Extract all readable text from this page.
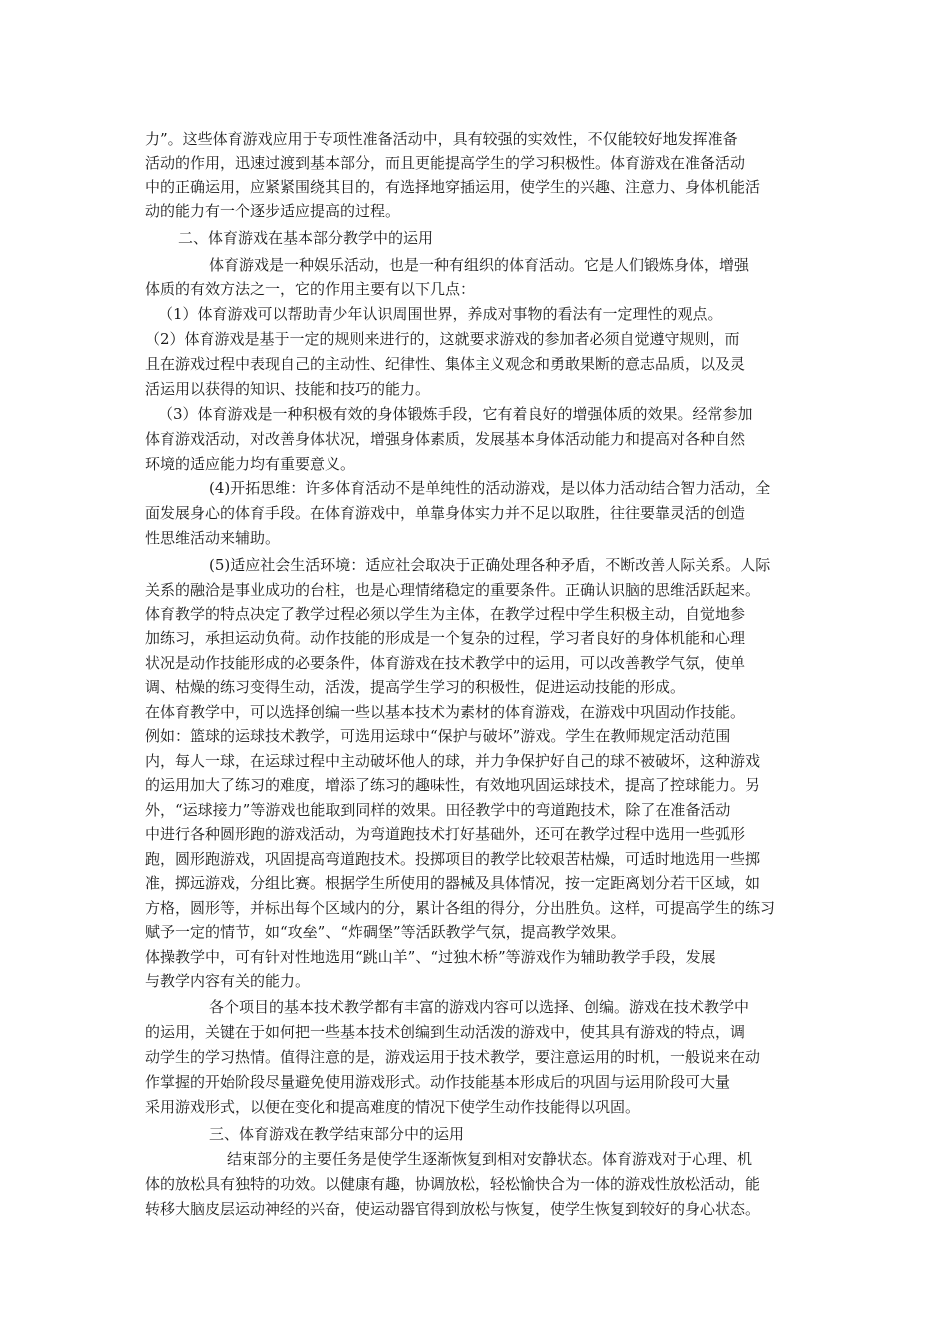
力”。这些体育游戏应用于专项性准备活动中，具有较强的实效性，不仅能较好地发挥准备
活动的作用，迅速过渡到基本部分，而且更能提高学生的学习积极性。体育游戏在准备活动
中的正确运用，应紧紧围绕其目的，有选择地穿插运用，使学生的兴趣、注意力、身体机能活
动的能力有一个逐步适应提高的过程。
二、体育游戏在基本部分教学中的运用
体育游戏是一种娱乐活动，也是一种有组织的体育活动。它是人们锻炼身体，增强
体质的有效方法之一，它的作用主要有以下几点：
（1）体育游戏可以帮助青少年认识周围世界，养成对事物的看法有一定理性的观点。
（2）体育游戏是基于一定的规则来进行的，这就要求游戏的参加者必须自觉遵守规则，而
且在游戏过程中表现自己的主动性、纪律性、集体主义观念和勇敢果断的意志品质，以及灵
活运用以获得的知识、技能和技巧的能力。
（3）体育游戏是一种积极有效的身体锻炼手段，它有着良好的增强体质的效果。经常参加
体育游戏活动，对改善身体状况，增强身体素质，发展基本身体活动能力和提高对各种自然
环境的适应能力均有重要意义。
(4)开拓思维：许多体育活动不是单纯性的活动游戏，是以体力活动结合智力活动，全
面发展身心的体育手段。在体育游戏中，单靠身体实力并不足以取胜，往往要靠灵活的创造
性思维活动来辅助。
(5)适应社会生活环境：适应社会取决于正确处理各种矛盾，不断改善人际关系。人际
关系的融洽是事业成功的台柱，也是心理情绪稳定的重要条件。正确认识脑的思维活跃起来。
体育教学的特点决定了教学过程必须以学生为主体，在教学过程中学生积极主动，自觉地参
加练习，承担运动负荷。动作技能的形成是一个复杂的过程，学习者良好的身体机能和心理
状况是动作技能形成的必要条件，体育游戏在技术教学中的运用，可以改善教学气氛，使单
调、枯燥的练习变得生动，活泼，提高学生学习的积极性，促进运动技能的形成。
在体育教学中，可以选择创编一些以基本技术为素材的体育游戏，在游戏中巩固动作技能。
例如：篮球的运球技术教学，可选用运球中“保护与破坏”游戏。学生在教师规定活动范围
内，每人一球，在运球过程中主动破坏他人的球，并力争保护好自己的球不被破坏，这种游戏
的运用加大了练习的难度，增添了练习的趣味性，有效地巩固运球技术，提高了控球能力。另
外，“运球接力”等游戏也能取到同样的效果。田径教学中的弯道跑技术，除了在准备活动
中进行各种圆形跑的游戏活动，为弯道跑技术打好基础外，还可在教学过程中选用一些弧形
跑，圆形跑游戏，巩固提高弯道跑技术。投掷项目的教学比较艰苦枯燥，可适时地选用一些掷
准，掷远游戏，分组比赛。根据学生所使用的器械及具体情况，按一定距离划分若干区域，如
方格，圆形等，并标出每个区域内的分，累计各组的得分，分出胜负。这样，可提高学生的练习
赋予一定的情节，如“攻垒”、“炸碉堡”等活跃教学气氛，提高教学效果。
体操教学中，可有针对性地选用“跳山羊”、“过独木桥”等游戏作为辅助教学手段，发展
与教学内容有关的能力。
各个项目的基本技术教学都有丰富的游戏内容可以选择、创编。游戏在技术教学中
的运用，关键在于如何把一些基本技术创编到生动活泼的游戏中，使其具有游戏的特点，调
动学生的学习热情。值得注意的是，游戏运用于技术教学，要注意运用的时机，一般说来在动
作掌握的开始阶段尽量避免使用游戏形式。动作技能基本形成后的巩固与运用阶段可大量
采用游戏形式，以便在变化和提高难度的情况下使学生动作技能得以巩固。
三、体育游戏在教学结束部分中的运用
结束部分的主要任务是使学生逐渐恢复到相对安静状态。体育游戏对于心理、机
体的放松具有独特的功效。以健康有趣，协调放松，轻松愉快合为一体的游戏性放松活动，能
转移大脑皮层运动神经的兴奋，使运动器官得到放松与恢复，使学生恢复到较好的身心状态。
